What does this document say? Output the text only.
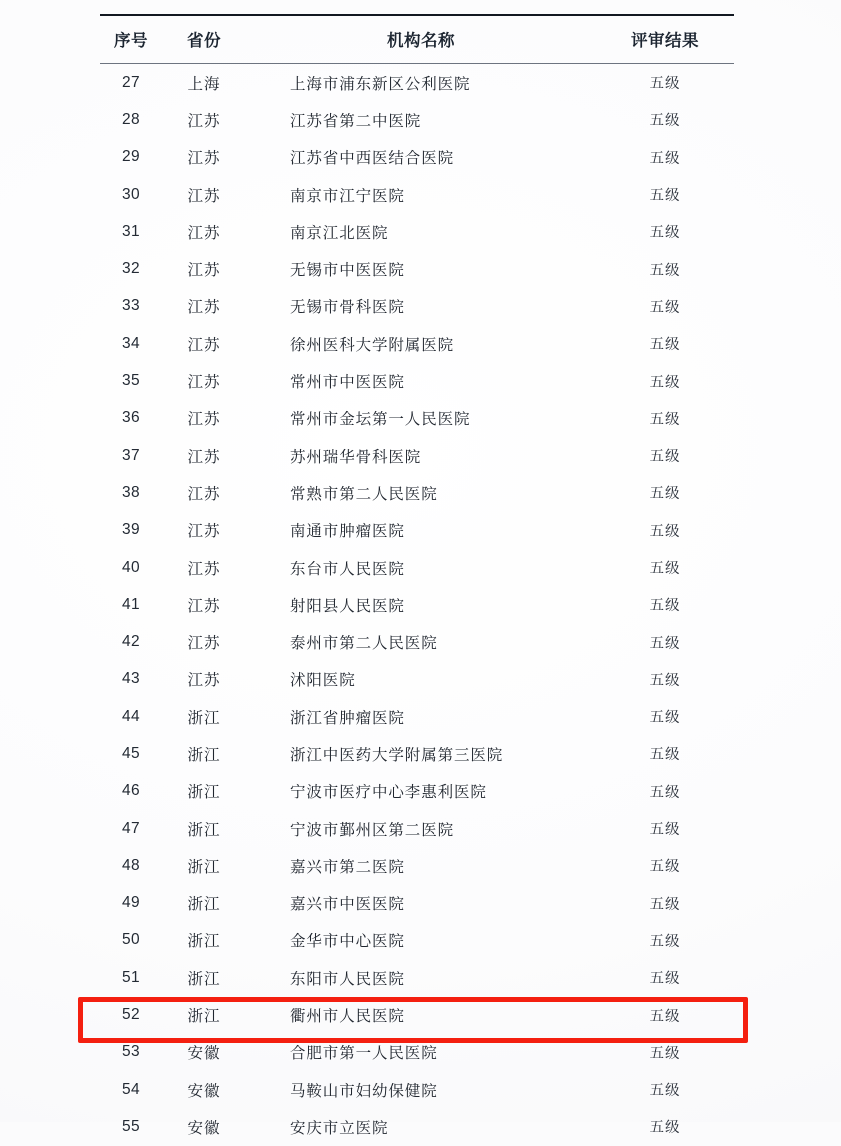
序号	省份	机构名称	评审结果
27	上海	上海市浦东新区公利医院	五级
28	江苏	江苏省第二中医院	五级
29	江苏	江苏省中西医结合医院	五级
30	江苏	南京市江宁医院	五级
31	江苏	南京江北医院	五级
32	江苏	无锡市中医医院	五级
33	江苏	无锡市骨科医院	五级
34	江苏	徐州医科大学附属医院	五级
35	江苏	常州市中医医院	五级
36	江苏	常州市金坛第一人民医院	五级
37	江苏	苏州瑞华骨科医院	五级
38	江苏	常熟市第二人民医院	五级
39	江苏	南通市肿瘤医院	五级
40	江苏	东台市人民医院	五级
41	江苏	射阳县人民医院	五级
42	江苏	泰州市第二人民医院	五级
43	江苏	沭阳医院	五级
44	浙江	浙江省肿瘤医院	五级
45	浙江	浙江中医药大学附属第三医院	五级
46	浙江	宁波市医疗中心李惠利医院	五级
47	浙江	宁波市鄞州区第二医院	五级
48	浙江	嘉兴市第二医院	五级
49	浙江	嘉兴市中医医院	五级
50	浙江	金华市中心医院	五级
51	浙江	东阳市人民医院	五级
52	浙江	衢州市人民医院	五级
53	安徽	合肥市第一人民医院	五级
54	安徽	马鞍山市妇幼保健院	五级
55	安徽	安庆市立医院	五级
